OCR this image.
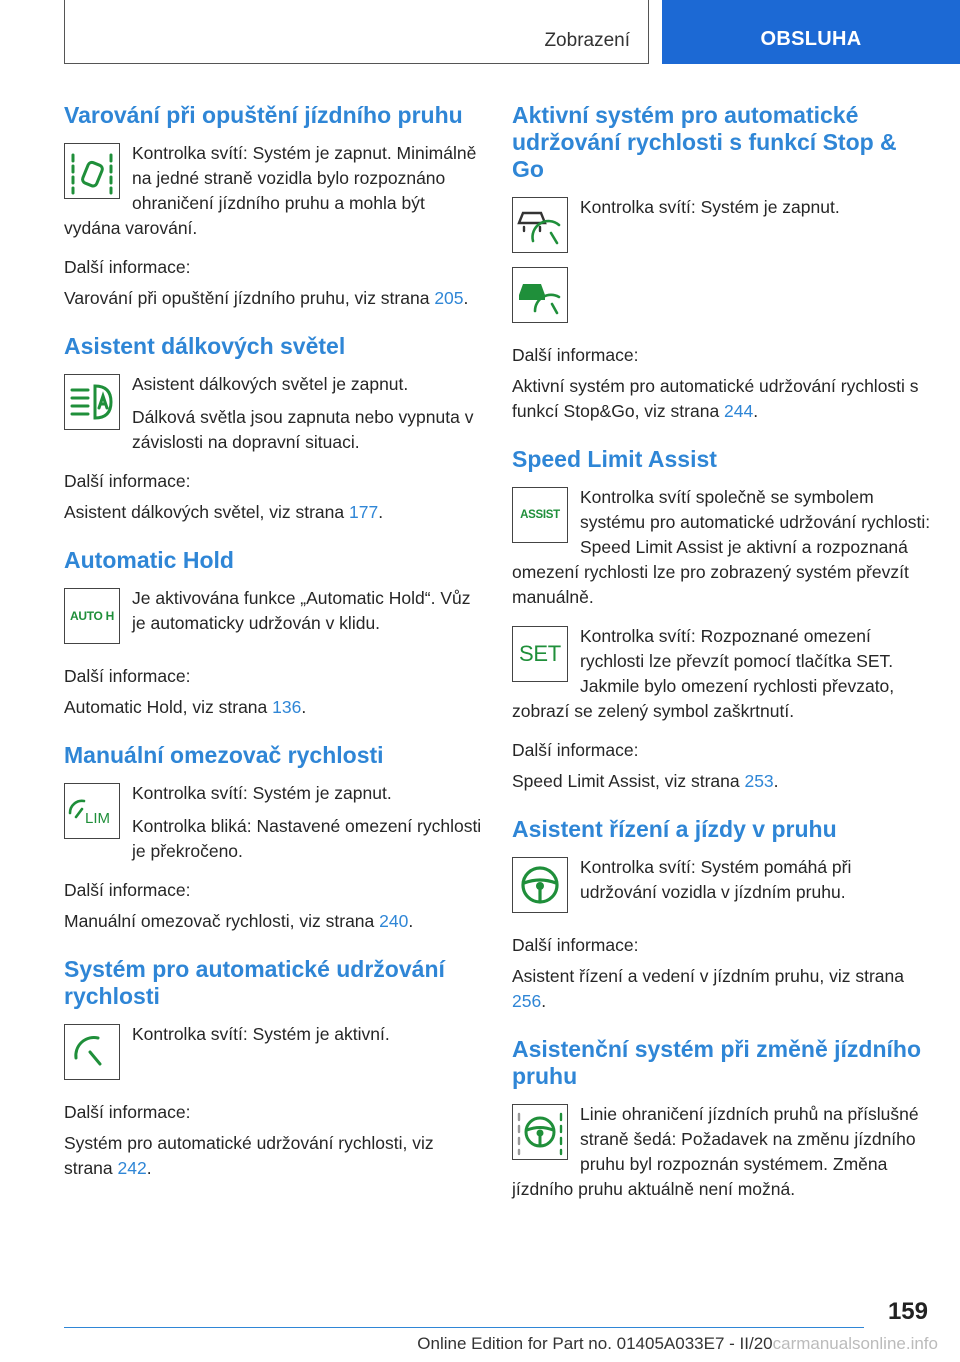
Zobrazení	OBSLUHA
Varování při opuštění jízdního pruhu

Kontrolka svítí: Systém je zapnut. Minimálně na jedné straně vozidla bylo rozpoznáno ohraničení jízdního pruhu a mohla být vydána varování.

Další informace:

Varování při opuštění jízdního pruhu, viz strana 205.

Asistent dálkových světel

Asistent dálkových světel je zapnut.

Dálková světla jsou zapnuta nebo vypnuta v závislosti na dopravní situaci.

Další informace:

Asistent dálkových světel, viz strana 177.

Automatic Hold
AUTO H

Je aktivována funkce „Automatic Hold“. Vůz je automaticky udržován v klidu.

Další informace:

Automatic Hold, viz strana 136.

Manuální omezovač rychlosti
LIM

Kontrolka svítí: Systém je zapnut.

Kontrolka bliká: Nastavené omezení rychlosti je překročeno.

Další informace:

Manuální omezovač rychlosti, viz strana 240.

Systém pro automatické udržování rychlosti

Kontrolka svítí: Systém je aktivní.

Další informace:

Systém pro automatické udržování rychlosti, viz strana 242.

Aktivní systém pro automatické udržování rychlosti s funkcí Stop & Go

Kontrolka svítí: Systém je zapnut.

Další informace:

Aktivní systém pro automatické udržování rychlosti s funkcí Stop&Go, viz strana 244.

Speed Limit Assist
ASSIST

Kontrolka svítí společně se symbolem systému pro automatické udržování rychlosti: Speed Limit Assist je aktivní a rozpoznaná omezení rychlosti lze pro zobrazený systém převzít manuálně.

SET

Kontrolka svítí: Rozpoznané omezení rychlosti lze převzít pomocí tlačítka SET. Jakmile bylo omezení rychlosti převzato, zobrazí se zelený symbol zaškrtnutí.

Další informace:

Speed Limit Assist, viz strana 253.

Asistent řízení a jízdy v pruhu

Kontrolka svítí: Systém pomáhá při udržování vozidla v jízdním pruhu.

Další informace:

Asistent řízení a vedení v jízdním pruhu, viz strana 256.

Asistenční systém při změně jízdního pruhu

Linie ohraničení jízdních pruhů na příslušné straně šedá: Požadavek na změnu jízdního pruhu byl rozpoznán systémem. Změna jízdního pruhu aktuálně není možná.

159
Online Edition for Part no. 01405A033E7 - II/20carmanualsonline.info
